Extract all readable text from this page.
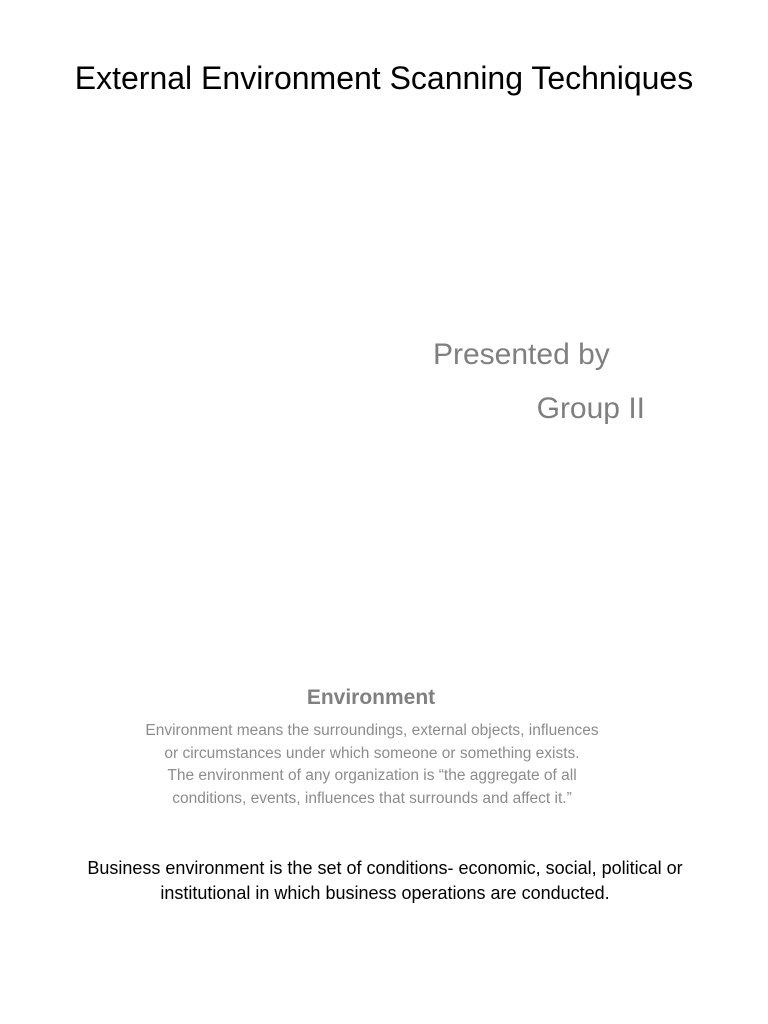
External Environment Scanning Techniques
Presented by
Group II
Environment
Environment means the surroundings, external objects, influences
or circumstances under which someone or something exists.
The environment of any organization is “the aggregate of all
conditions, events, influences that surrounds and affect it.”
Business environment is the set of conditions- economic, social, political or
institutional in which business operations are conducted.
